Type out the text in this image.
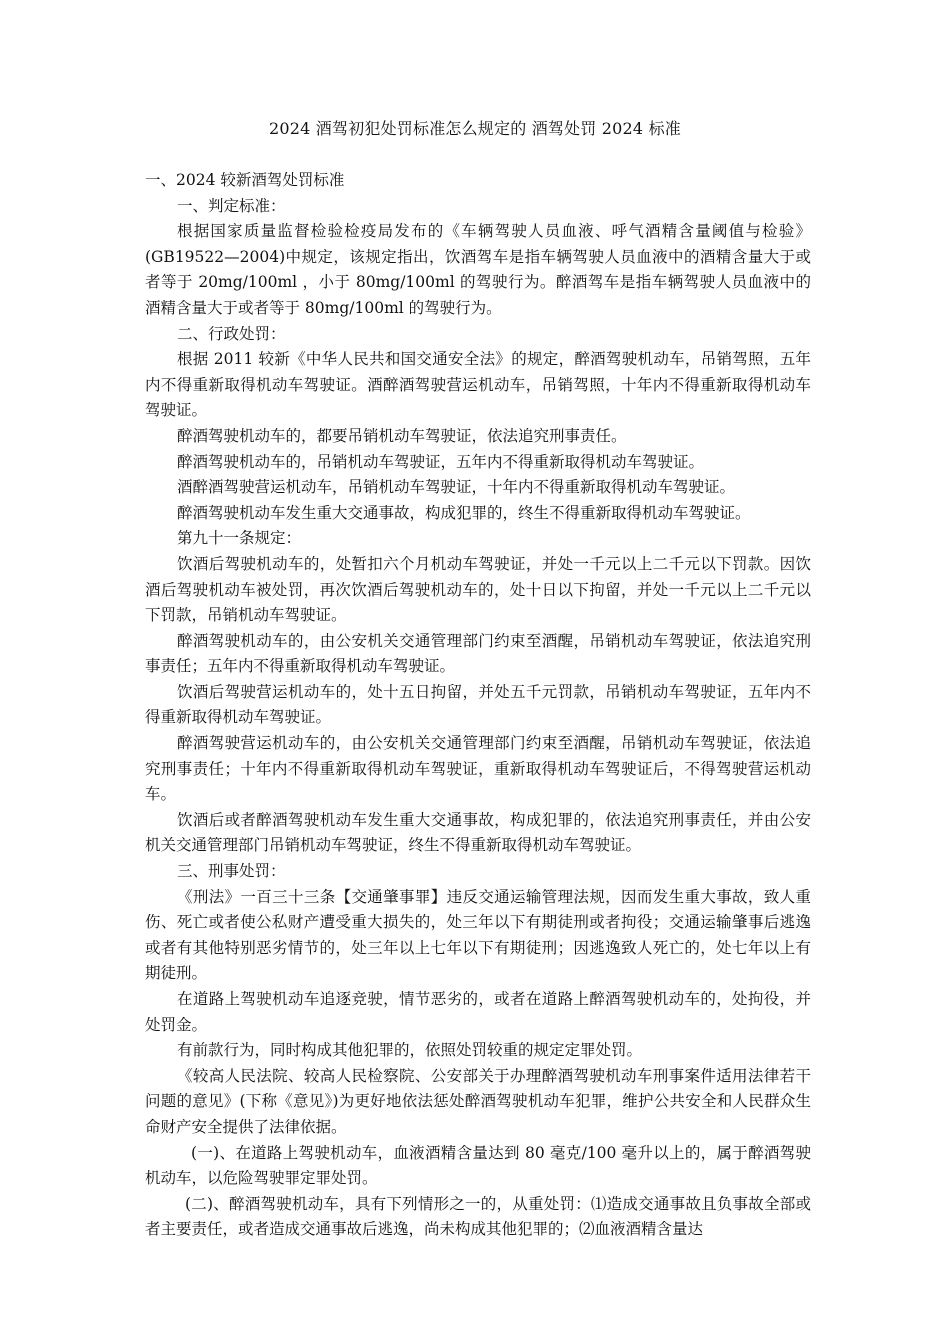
2024 酒驾初犯处罚标准怎么规定的 酒驾处罚 2024 标准

一、2024 较新酒驾处罚标准

一、判定标准：

根据国家质量监督检验检疫局发布的《车辆驾驶人员血液、呼气酒精含量阈值与检验》(GB19522—2004)中规定，该规定指出，饮酒驾车是指车辆驾驶人员血液中的酒精含量大于或者等于 20mg/100ml ，小于 80mg/100ml 的驾驶行为。醉酒驾车是指车辆驾驶人员血液中的酒精含量大于或者等于 80mg/100ml 的驾驶行为。

二、行政处罚：

根据 2011 较新《中华人民共和国交通安全法》的规定，醉酒驾驶机动车，吊销驾照，五年内不得重新取得机动车驾驶证。酒醉酒驾驶营运机动车，吊销驾照，十年内不得重新取得机动车驾驶证。

醉酒驾驶机动车的，都要吊销机动车驾驶证，依法追究刑事责任。

醉酒驾驶机动车的，吊销机动车驾驶证，五年内不得重新取得机动车驾驶证。

酒醉酒驾驶营运机动车，吊销机动车驾驶证，十年内不得重新取得机动车驾驶证。

醉酒驾驶机动车发生重大交通事故，构成犯罪的，终生不得重新取得机动车驾驶证。

第九十一条规定：

饮酒后驾驶机动车的，处暂扣六个月机动车驾驶证，并处一千元以上二千元以下罚款。因饮酒后驾驶机动车被处罚，再次饮酒后驾驶机动车的，处十日以下拘留，并处一千元以上二千元以下罚款，吊销机动车驾驶证。

醉酒驾驶机动车的，由公安机关交通管理部门约束至酒醒，吊销机动车驾驶证，依法追究刑事责任；五年内不得重新取得机动车驾驶证。

饮酒后驾驶营运机动车的，处十五日拘留，并处五千元罚款，吊销机动车驾驶证，五年内不得重新取得机动车驾驶证。

醉酒驾驶营运机动车的，由公安机关交通管理部门约束至酒醒，吊销机动车驾驶证，依法追究刑事责任；十年内不得重新取得机动车驾驶证，重新取得机动车驾驶证后，不得驾驶营运机动车。

饮酒后或者醉酒驾驶机动车发生重大交通事故，构成犯罪的，依法追究刑事责任，并由公安机关交通管理部门吊销机动车驾驶证，终生不得重新取得机动车驾驶证。

三、刑事处罚：

《刑法》一百三十三条【交通肇事罪】违反交通运输管理法规，因而发生重大事故，致人重伤、死亡或者使公私财产遭受重大损失的，处三年以下有期徒刑或者拘役；交通运输肇事后逃逸或者有其他特别恶劣情节的，处三年以上七年以下有期徒刑；因逃逸致人死亡的，处七年以上有期徒刑。

在道路上驾驶机动车追逐竞驶，情节恶劣的，或者在道路上醉酒驾驶机动车的，处拘役，并处罚金。

有前款行为，同时构成其他犯罪的，依照处罚较重的规定定罪处罚。

《较高人民法院、较高人民检察院、公安部关于办理醉酒驾驶机动车刑事案件适用法律若干问题的意见》(下称《意见》)为更好地依法惩处醉酒驾驶机动车犯罪，维护公共安全和人民群众生命财产安全提供了法律依据。

(一)、在道路上驾驶机动车，血液酒精含量达到 80 毫克/100 毫升以上的，属于醉酒驾驶机动车，以危险驾驶罪定罪处罚。

(二)、醉酒驾驶机动车，具有下列情形之一的，从重处罚：⑴造成交通事故且负事故全部或者主要责任，或者造成交通事故后逃逸，尚未构成其他犯罪的；⑵血液酒精含量达
